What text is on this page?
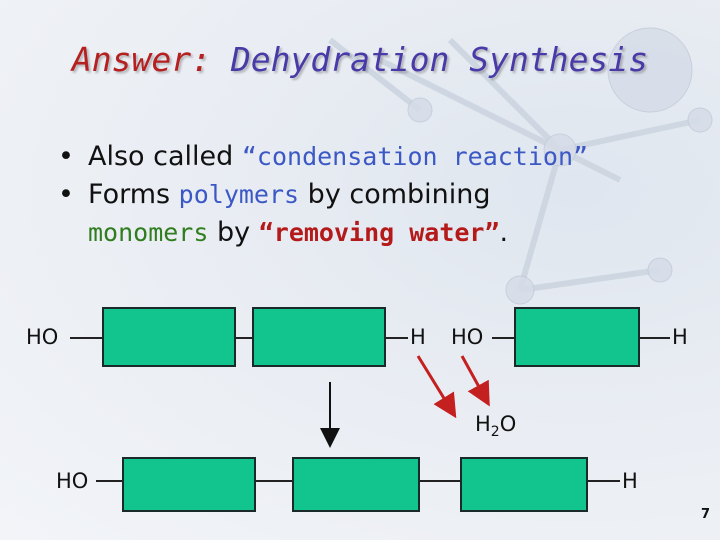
Answer: Dehydration Synthesis
• Also called “condensation reaction”
• Forms polymers by combining
monomers by “removing water”.
HO	H HO	H
$H_2O$
HO	H
7
